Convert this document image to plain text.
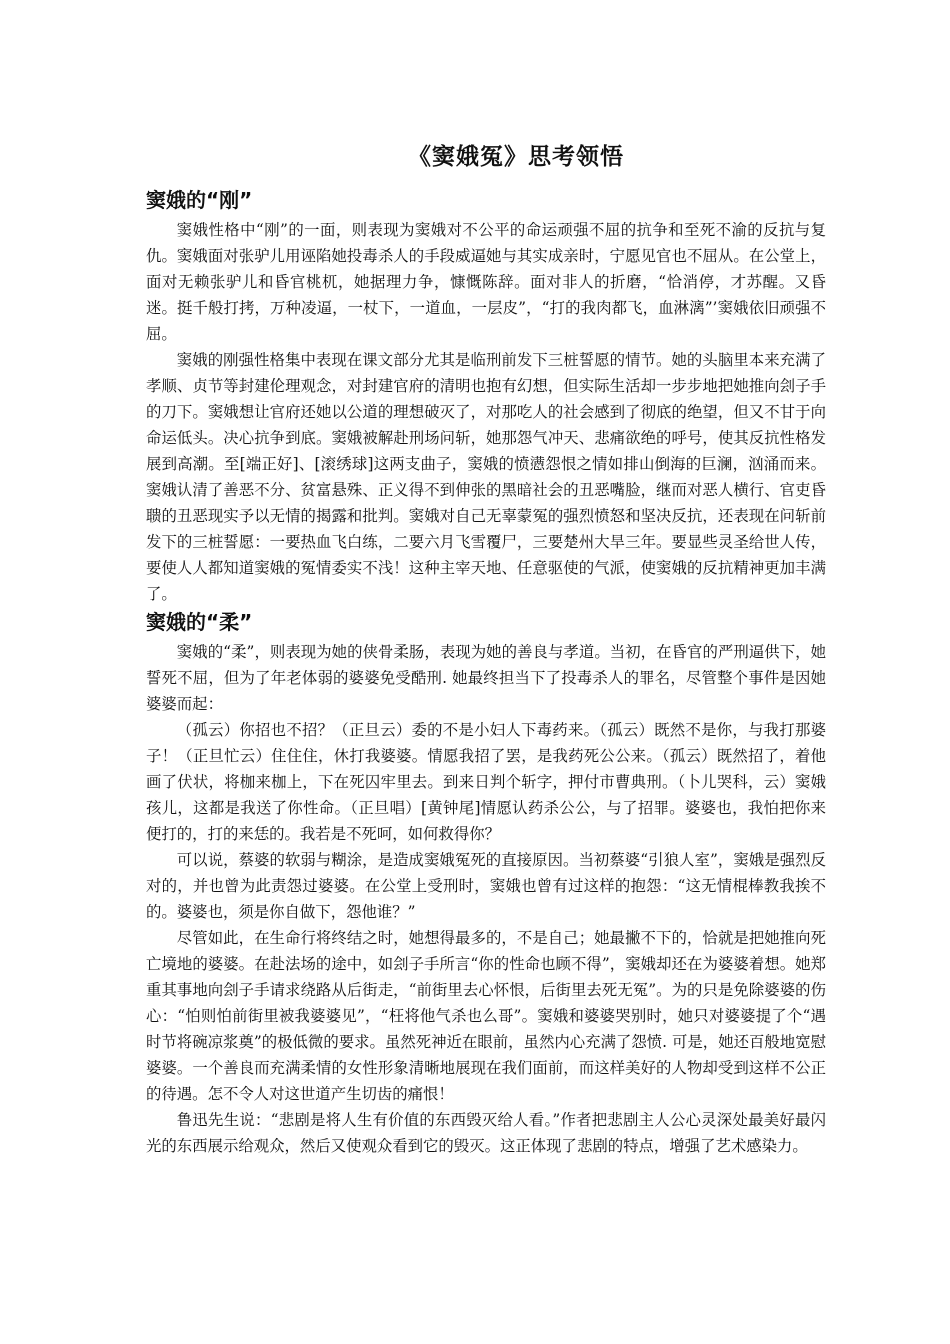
《窦娥冤》思考领悟
窦娥的“刚”

窦娥性格中“刚”的一面，则表现为窦娥对不公平的命运顽强不屈的抗争和至死不渝的反抗与复仇。窦娥面对张驴儿用诬陷她投毒杀人的手段威逼她与其实成亲时，宁愿见官也不屈从。在公堂上，面对无赖张驴儿和昏官桃杌，她据理力争，慷慨陈辞。面对非人的折磨，“恰消停，才苏醒。又昏迷。挺千般打拷，万种凌逼，一杖下，一道血，一层皮”，“打的我肉都飞，血淋漓”’窦娥依旧顽强不屈。

窦娥的刚强性格集中表现在课文部分尤其是临刑前发下三桩誓愿的情节。她的头脑里本来充满了孝顺、贞节等封建伦理观念，对封建官府的清明也抱有幻想，但实际生活却一步步地把她推向刽子手的刀下。窦娥想让官府还她以公道的理想破灭了，对那吃人的社会感到了彻底的绝望，但又不甘于向命运低头。决心抗争到底。窦娥被解赴刑场问斩，她那怨气冲天、悲痛欲绝的呼号，使其反抗性格发展到高潮。至[端正好]、[滚绣球]这两支曲子，窦娥的愤懑怨恨之情如排山倒海的巨澜，汹涌而来。窦娥认清了善恶不分、贫富悬殊、正义得不到伸张的黑暗社会的丑恶嘴脸，继而对恶人横行、官吏昏聩的丑恶现实予以无情的揭露和批判。窦娥对自己无辜蒙冤的强烈愤怒和坚决反抗，还表现在问斩前发下的三桩誓愿：一要热血飞白练，二要六月飞雪覆尸，三要楚州大旱三年。要显些灵圣给世人传，要使人人都知道窦娥的冤情委实不浅！这种主宰天地、任意驱使的气派，使窦娥的反抗精神更加丰满了。

窦娥的“柔”

窦娥的“柔”，则表现为她的侠骨柔肠，表现为她的善良与孝道。当初，在昏官的严刑逼供下，她誓死不屈，但为了年老体弱的婆婆免受酷刑. 她最终担当下了投毒杀人的罪名，尽管整个事件是因她婆婆而起：

（孤云）你招也不招？（正旦云）委的不是小妇人下毒药来。（孤云）既然不是你，与我打那婆子！（正旦忙云）住住住，休打我婆婆。情愿我招了罢，是我药死公公来。（孤云）既然招了，着他画了伏状，将枷来枷上，下在死囚牢里去。到来日判个斩字，押付市曹典刑。（卜儿哭科，云）窦娥孩儿，这都是我送了你性命。（正旦唱）[黄钟尾]情愿认药杀公公，与了招罪。婆婆也，我怕把你来便打的，打的来恁的。我若是不死呵，如何救得你？

可以说，蔡婆的软弱与糊涂，是造成窦娥冤死的直接原因。当初蔡婆“引狼人室”，窦娥是强烈反对的，并也曾为此责怨过婆婆。在公堂上受刑时，窦娥也曾有过这样的抱怨：“这无情棍棒教我挨不的。婆婆也，须是你自做下，怨他谁？”

尽管如此，在生命行将终结之时，她想得最多的，不是自己；她最撇不下的，恰就是把她推向死亡境地的婆婆。在赴法场的途中，如刽子手所言“你的性命也顾不得”，窦娥却还在为婆婆着想。她郑重其事地向刽子手请求绕路从后街走，“前街里去心怀恨，后街里去死无冤”。为的只是免除婆婆的伤心：“怕则怕前街里被我婆婆见”，“枉将他气杀也么哥”。窦娥和婆婆哭别时，她只对婆婆提了个“遇时节将碗凉浆奠”的极低微的要求。虽然死神近在眼前，虽然内心充满了怨愤. 可是，她还百般地宽慰婆婆。一个善良而充满柔情的女性形象清晰地展现在我们面前，而这样美好的人物却受到这样不公正的待遇。怎不令人对这世道产生切齿的痛恨！

鲁迅先生说：“悲剧是将人生有价值的东西毁灭给人看。”作者把悲剧主人公心灵深处最美好最闪光的东西展示给观众，然后又使观众看到它的毁灭。这正体现了悲剧的特点，增强了艺术感染力。
